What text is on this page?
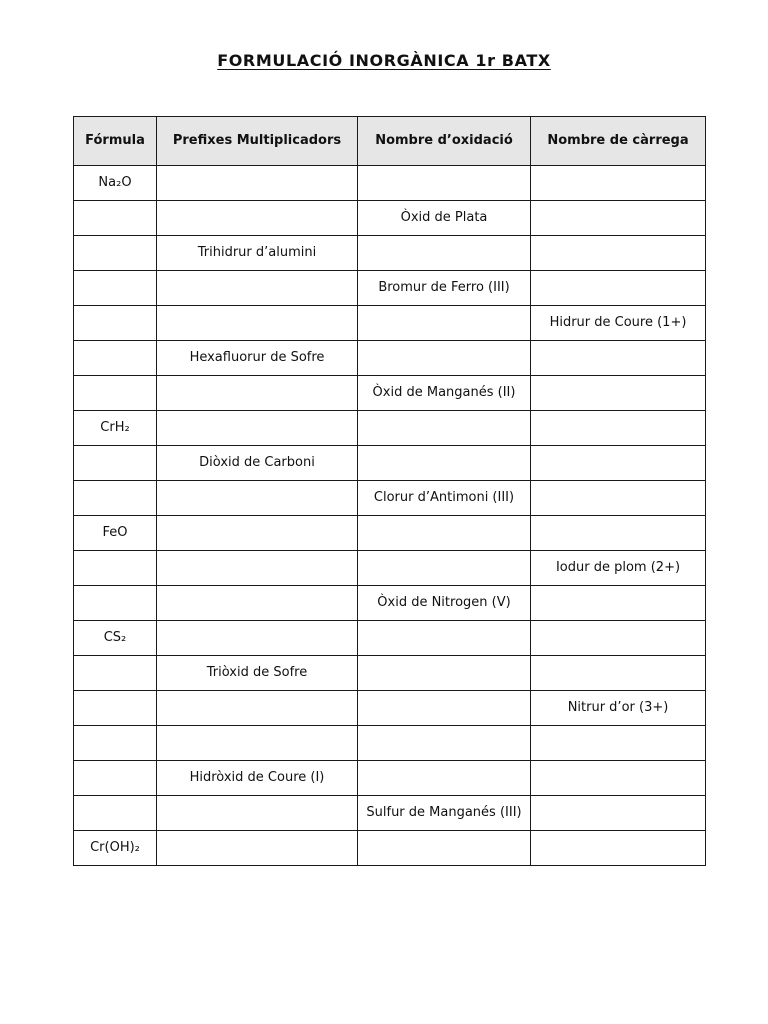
FORMULACIÓ INORGÀNICA 1r BATX
Fórmula	Prefixes Multiplicadors	Nombre d’oxidació	Nombre de càrrega
Na₂O			
		Òxid de Plata	
	Trihidrur d’alumini		
		Bromur de Ferro (III)	
			Hidrur de Coure (1+)
	Hexafluorur de Sofre		
		Òxid de Manganés (II)	
CrH₂			
	Diòxid de Carboni		
		Clorur d’Antimoni (III)	
FeO			
			Iodur de plom (2+)
		Òxid de Nitrogen (V)	
CS₂			
	Triòxid de Sofre		
			Nitrur d’or (3+)

	Hidròxid de Coure (I)		
		Sulfur de Manganés (III)	
Cr(OH)₂			
